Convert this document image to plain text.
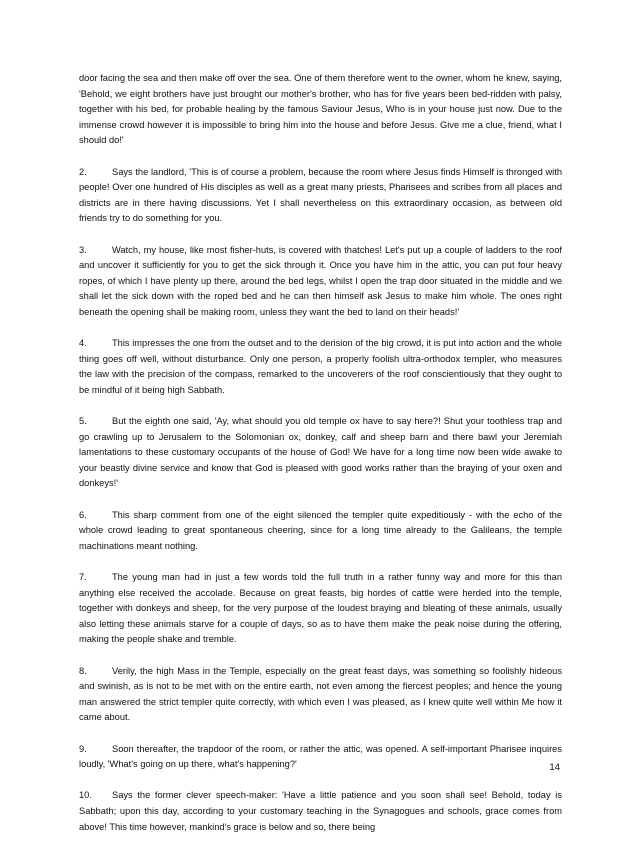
door facing the sea and then make off over the sea. One of them therefore went to the owner, whom he knew, saying, 'Behold, we eight brothers have just brought our mother's brother, who has for five years been bed-ridden with palsy, together with his bed, for probable healing by the famous Saviour Jesus, Who is in your house just now. Due to the immense crowd however it is impossible to bring him into the house and before Jesus. Give me a clue, friend, what I should do!'

2.	Says the landlord, 'This is of course a problem, because the room where Jesus finds Himself is thronged with people! Over one hundred of His disciples as well as a great many priests, Pharisees and scribes from all places and districts are in there having discussions. Yet I shall nevertheless on this extraordinary occasion, as between old friends try to do something for you.

3.	Watch, my house, like most fisher-huts, is covered with thatches! Let's put up a couple of ladders to the roof and uncover it sufficiently for you to get the sick through it. Once you have him in the attic, you can put four heavy ropes, of which I have plenty up there, around the bed legs, whilst I open the trap door situated in the middle and we shall let the sick down with the roped bed and he can then himself ask Jesus to make him whole. The ones right beneath the opening shall be making room, unless they want the bed to land on their heads!'

4.	This impresses the one from the outset and to the derision of the big crowd, it is put into action and the whole thing goes off well, without disturbance. Only one person, a properly foolish ultra-orthodox templer, who measures the law with the precision of the compass, remarked to the uncoverers of the roof conscientiously that they ought to be mindful of it being high Sabbath.

5.	But the eighth one said, 'Ay, what should you old temple ox have to say here?! Shut your toothless trap and go crawling up to Jerusalem to the Solomonian ox, donkey, calf and sheep barn and there bawl your Jeremiah lamentations to these customary occupants of the house of God! We have for a long time now been wide awake to your beastly divine service and know that God is pleased with good works rather than the braying of your oxen and donkeys!'

6.	This sharp comment from one of the eight silenced the templer quite expeditiously - with the echo of the whole crowd leading to great spontaneous cheering, since for a long time already to the Galileans, the temple machinations meant nothing.

7.	The young man had in just a few words told the full truth in a rather funny way and more for this than anything else received the accolade. Because on great feasts, big hordes of cattle were herded into the temple, together with donkeys and sheep, for the very purpose of the loudest braying and bleating of these animals, usually also letting these animals starve for a couple of days, so as to have them make the peak noise during the offering, making the people shake and tremble.

8.	Verily, the high Mass in the Temple, especially on the great feast days, was something so foolishly hideous and swinish, as is not to be met with on the entire earth, not even among the fiercest peoples; and hence the young man answered the strict templer quite correctly, with which even I was pleased, as I knew quite well within Me how it came about.

9.	Soon thereafter, the trapdoor of the room, or rather the attic, was opened. A self-important Pharisee inquires loudly, 'What's going on up there, what's happening?'

10. Says the former clever speech-maker: 'Have a little patience and you soon shall see! Behold, today is Sabbath; upon this day, according to your customary teaching in the Synagogues and schools, grace comes from above! This time however, mankind's grace is below and so, there being

14
